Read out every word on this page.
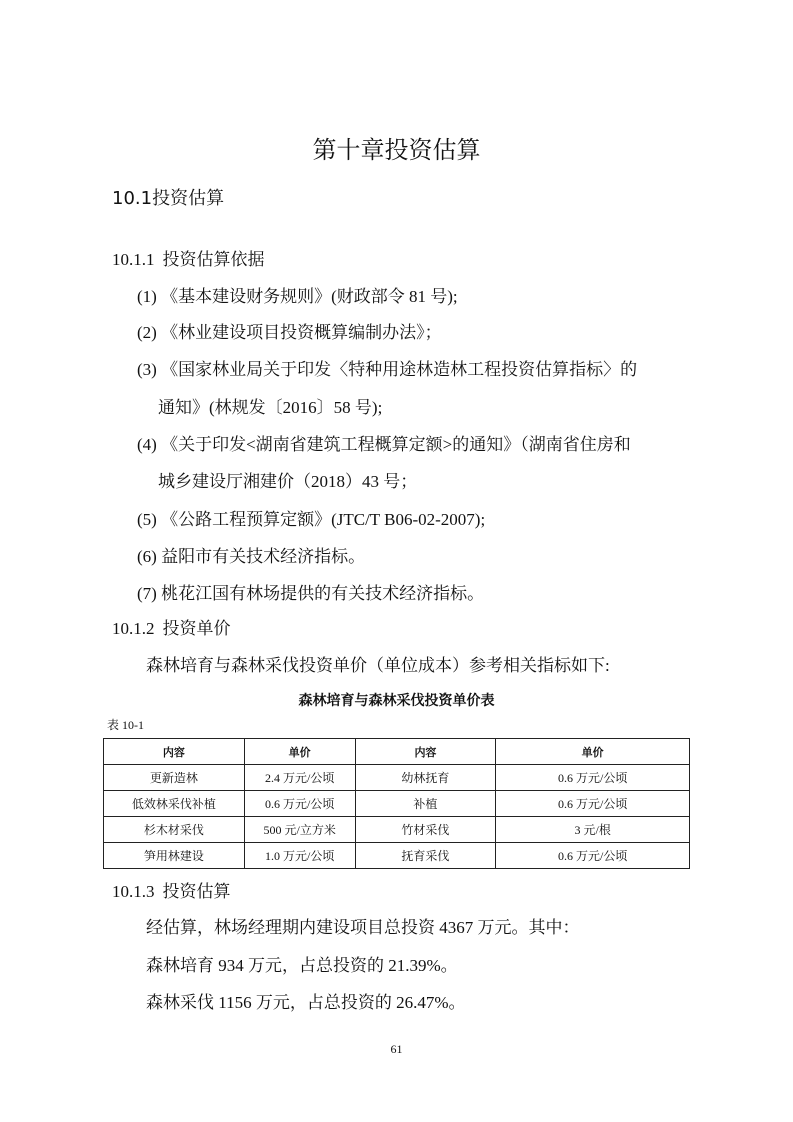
第十章投资估算
10.1投资估算
10.1.1 投资估算依据
(1) 《基本建设财务规则》(财政部令 81 号);
(2) 《林业建设项目投资概算编制办法》；
(3) 《国家林业局关于印发〈特种用途林造林工程投资估算指标〉的
通知》(林规发〔2016〕58 号);
(4) 《关于印发<湖南省建筑工程概算定额>的通知》（湖南省住房和
城乡建设厅湘建价（2018）43 号；
(5) 《公路工程预算定额》(JTC/T B06-02-2007);
(6) 益阳市有关技术经济指标。
(7) 桃花江国有林场提供的有关技术经济指标。
10.1.2 投资单价
森林培育与森林采伐投资单价（单位成本）参考相关指标如下:
森林培育与森林采伐投资单价表
表 10-1
内容	单价	内容	单价
更新造林	2.4 万元/公顷	幼林抚育	0.6 万元/公顷
低效林采伐补植	0.6 万元/公顷	补植	0.6 万元/公顷
杉木材采伐	500 元/立方米	竹材采伐	3 元/根
笋用林建设	1.0 万元/公顷	抚育采伐	0.6 万元/公顷
10.1.3 投资估算
经估算，林场经理期内建设项目总投资 4367 万元。其中：
森林培育 934 万元，占总投资的 21.39%。
森林采伐 1156 万元，占总投资的 26.47%。
61
